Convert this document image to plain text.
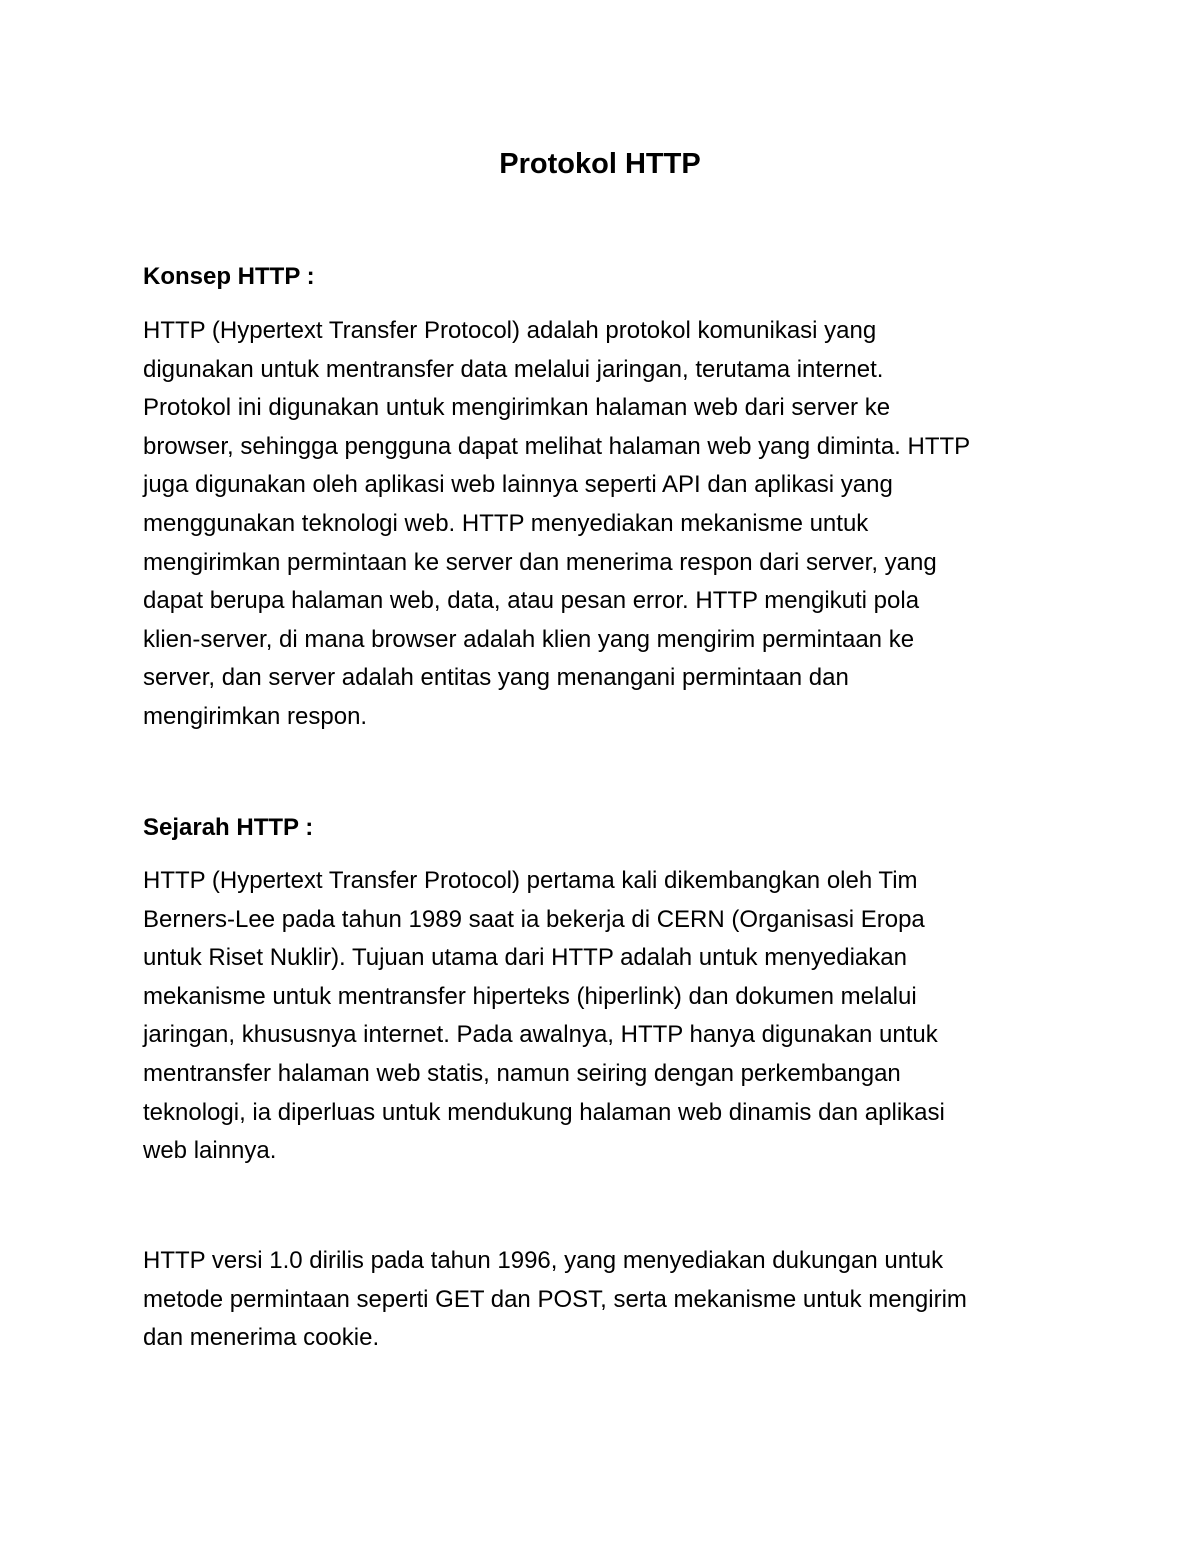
Protokol HTTP
Konsep HTTP :

HTTP (Hypertext Transfer Protocol) adalah protokol komunikasi yang
digunakan untuk mentransfer data melalui jaringan, terutama internet.
Protokol ini digunakan untuk mengirimkan halaman web dari server ke
browser, sehingga pengguna dapat melihat halaman web yang diminta. HTTP
juga digunakan oleh aplikasi web lainnya seperti API dan aplikasi yang
menggunakan teknologi web. HTTP menyediakan mekanisme untuk
mengirimkan permintaan ke server dan menerima respon dari server, yang
dapat berupa halaman web, data, atau pesan error. HTTP mengikuti pola
klien-server, di mana browser adalah klien yang mengirim permintaan ke
server, dan server adalah entitas yang menangani permintaan dan
mengirimkan respon.

Sejarah HTTP :

HTTP (Hypertext Transfer Protocol) pertama kali dikembangkan oleh Tim
Berners-Lee pada tahun 1989 saat ia bekerja di CERN (Organisasi Eropa
untuk Riset Nuklir). Tujuan utama dari HTTP adalah untuk menyediakan
mekanisme untuk mentransfer hiperteks (hiperlink) dan dokumen melalui
jaringan, khususnya internet. Pada awalnya, HTTP hanya digunakan untuk
mentransfer halaman web statis, namun seiring dengan perkembangan
teknologi, ia diperluas untuk mendukung halaman web dinamis dan aplikasi
web lainnya.

HTTP versi 1.0 dirilis pada tahun 1996, yang menyediakan dukungan untuk
metode permintaan seperti GET dan POST, serta mekanisme untuk mengirim
dan menerima cookie.
